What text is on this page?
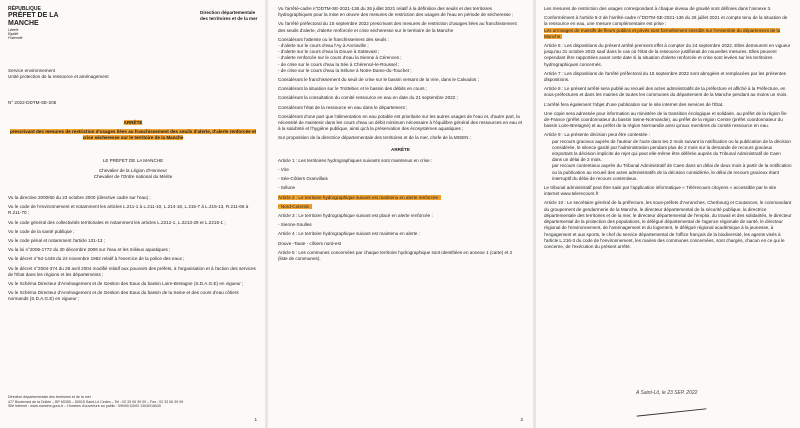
RÉPUBLIQUE
PRÉFET DE LA MANCHE
Liberté
Égalité
Fraternité
Direction départementale des territoires et de la mer
Service environnement
Unité protection de la ressource et aménagement
N° 2022-DDTM-SE-205
ARRÊTE
prescrivant des mesures de restriction d'usages liées au franchissement des seuils d'alerte, d'alerte renforcée et crise sécheresse sur le territoire de la Manche
LE PRÉFET DE LA MANCHE
Chevalier de la Légion d'Honneur
Chevalier de l'Ordre national du Mérite

Vu la directive 2000/60 du 23 octobre 2000 (directive cadre sur l'eau) ;

Vu le code de l'environnement et notamment les articles L.211-1 à L.211-10, L.214-18, L.215-7 à L.215-13, R.211-66 à R.211-70 ;

Vu le code général des collectivités territoriales et notamment les articles L.2212-1, L.2213-29 et L.2215-1 ;

Vu le code de la santé publique ;

Vu le code pénal et notamment l'article 131-13 ;

Vu la loi n°2006-1772 du 30 décembre 2006 sur l'eau et les milieux aquatiques ;

Vu le décret n°62-1448 du 24 novembre 1962 relatif à l'exercice de la police des eaux ;

Vu le décret n°2004-374 du 29 avril 2004 modifié relatif aux pouvoirs des préfets, à l'organisation et à l'action des services de l'État dans les régions et les départements ;

Vu le Schéma Directeur d'Aménagement et de Gestion des Eaux du bassin Loire-Bretagne (S.D.A.G.E) en vigueur ;

Vu le Schéma Directeur d'Aménagement et de Gestion des Eaux du bassin de la Seine et des cours d'eau côtiers normands (S.D.A.G.E) en vigueur ;

Direction départementale des territoires et de la mer
477 Boulevard de la Dollée – BP 60355 – 50015 Saint-Lô Cedex – Tel : 02 33 06 39 00 – Fax : 02 33 06 39 09
Site internet : www.manche.gouv.fr – Horaires d'ouverture au public : 09h00/12h00 13h30/16h30
1

Vu l'arrêté-cadre n°DDTM-SE-2021-136 du 26 juillet 2021 relatif à la définition des seuils et des territoires hydrographiques pour la mise en œuvre des mesures de restriction des usages de l'eau en période de sécheresse ;

Vu l'arrêté préfectoral du 15 septembre 2022 prescrivant des mesures de restriction d'usages liées au franchissement des seuils d'alerte, d'alerte renforcée et crise sécheresse sur le territoire de la Manche

Considérant l'atteinte ou le franchissement des seuils :

- d'alerte sur le cours d'eau l'Ay à Anctoville ;
- d'alerte sur le cours d'eau la Douve à Sottevast ;
- d'alerte renforcée sur le cours d'eau la Sienne à Cérences ;
- de crise sur le cours d'eau la Sée à Chérencé-le-Roussel ;
- de crise sur le cours d'eau la Sélune à Notre-Dame-du-Touchet ;

Considérant le franchissement du seuil de crise sur le bassin versant de la Vire, dans le Calvados ;

Considérant la situation sur le Trottebec et le bassin des débits en cours ;

Considérant la consultation du comité ressource en eau en date du 21 septembre 2022 ;

Considérant l'état de la ressource en eau dans le département ;

Considérant d'une part que l'alimentation en eau potable est prioritaire sur les autres usages de l'eau et, d'autre part, la nécessité de maintenir dans les cours d'eau un débit minimum nécessaire à l'équilibre général des ressources en eau et à la salubrité et l'hygiène publique, ainsi qu'à la préservation des écosystèmes aquatiques ;

Sur proposition de la directrice départementale des territoires et de la mer, chefe de la MISEN ;

ARRÊTE

Article 1 : Les territoires hydrographiques suivants sont maintenus en crise :

- Vire

- Sée-Côtiers Granvillais

- Sélune

Article 2 : Le territoire hydrographique suivant est maintenu en alerte renforcée :

- Nord-Cotentin ;

Article 3 : Le territoire hydrographique suivant est placé en alerte renforcée :

- Sienne-Soulles

Article 4 : Le territoire hydrographique suivant est maintenu en alerte :

Douve -Taute - côtiers nord-est

Article 5 : Les communes concernées par chaque territoire hydrographique sont identifiées en annexe 1 (carte) et 2 (liste de communes).

2

Les mesures de restriction des usages correspondant à chaque niveau de gravité sont définies dans l'annexe 3.

Conformément à l'article 5-2 de l'arrêté-cadre n°DDTM-SE-2021-136 du 26 juillet 2021 et compte tenu de la situation de la ressource en eau, une mesure complémentaire est prise :

Les arrosages de massifs de fleurs publics et privés sont formellement interdits sur l'ensemble du département de la Manche.

Article 6 : Les dispositions du présent arrêté prennent effet à compter du 24 septembre 2022. Elles demeurent en vigueur jusqu'au 31 octobre 2022 sauf dans le cas où l'état de la ressource justifierait de nouvelles mesures. Elles peuvent cependant être rapportées avant cette date si la situation d'alerte renforcée et crise sont levées sur les territoires hydrographiques concernés.

Article 7 : Les dispositions de l'arrêté préfectoral du 15 septembre 2022 sont abrogées et remplacées par les présentes dispositions.

Article 8 : Le présent arrêté sera publié au recueil des actes administratifs de la préfecture et affiché à la Préfecture, en sous-préfectures et dans les mairies de toutes les communes du département de la Manche pendant au moins un mois.

L'arrêté fera également l'objet d'une publication sur le site internet des services de l'État.

Une copie sera adressée pour information au ministère de la transition écologique et solidaire, au préfet de la région Île-de-France (préfet coordonnateur du bassin Seine-Normandie), au préfet de la région Centre (préfet coordonnateur du bassin Loire-Bretagne) et au préfet de la région Normandie ainsi qu'aux membres du comité ressource en eau.

Article 9 : La présente décision peut être contestée :

par recours gracieux auprès de l'auteur de l'acte dans les 2 mois suivant la notification ou la publication de la décision considérée, le silence gardé par l'administration pendant plus de 2 mois sur la demande de recours gracieux emportant la décision implicite de rejet qui peut elle-même être déférée auprès du Tribunal Administratif de Caen dans un délai de 2 mois.

par recours contentieux auprès du Tribunal Administratif de Caen dans un délai de deux mois à partir de la notification ou la publication au recueil des actes administratifs de la décision considérée, le délai de recours gracieux étant interruptif du délai de recours contentieux.

Le tribunal administratif peut être saisi par l'application informatique « Télérecours citoyens » accessible par le site internet www.telerecours.fr

Article 10 : Le secrétaire général de la préfecture, les sous-préfets d'Avranches, Cherbourg et Coutances, le commandant du groupement de gendarmerie de la Manche, le directeur départemental de la sécurité publique, la directrice départementale des territoires et de la mer, le directeur départemental de l'emploi, du travail et des solidarités, le directeur départemental de la protection des populations, le délégué départemental de l'agence régionale de santé, le directeur régional de l'environnement, de l'aménagement et du logement, le délégué régional académique à la jeunesse, à l'engagement et aux sports, le chef du service départemental de l'office français de la biodiversité, les agents visés à l'article L.216-3 du code de l'environnement, les maires des communes concernées, sont chargés, chacun en ce qui le concerne, de l'exécution du présent arrêté.

A Saint-Lô, le 23 SEP. 2022
